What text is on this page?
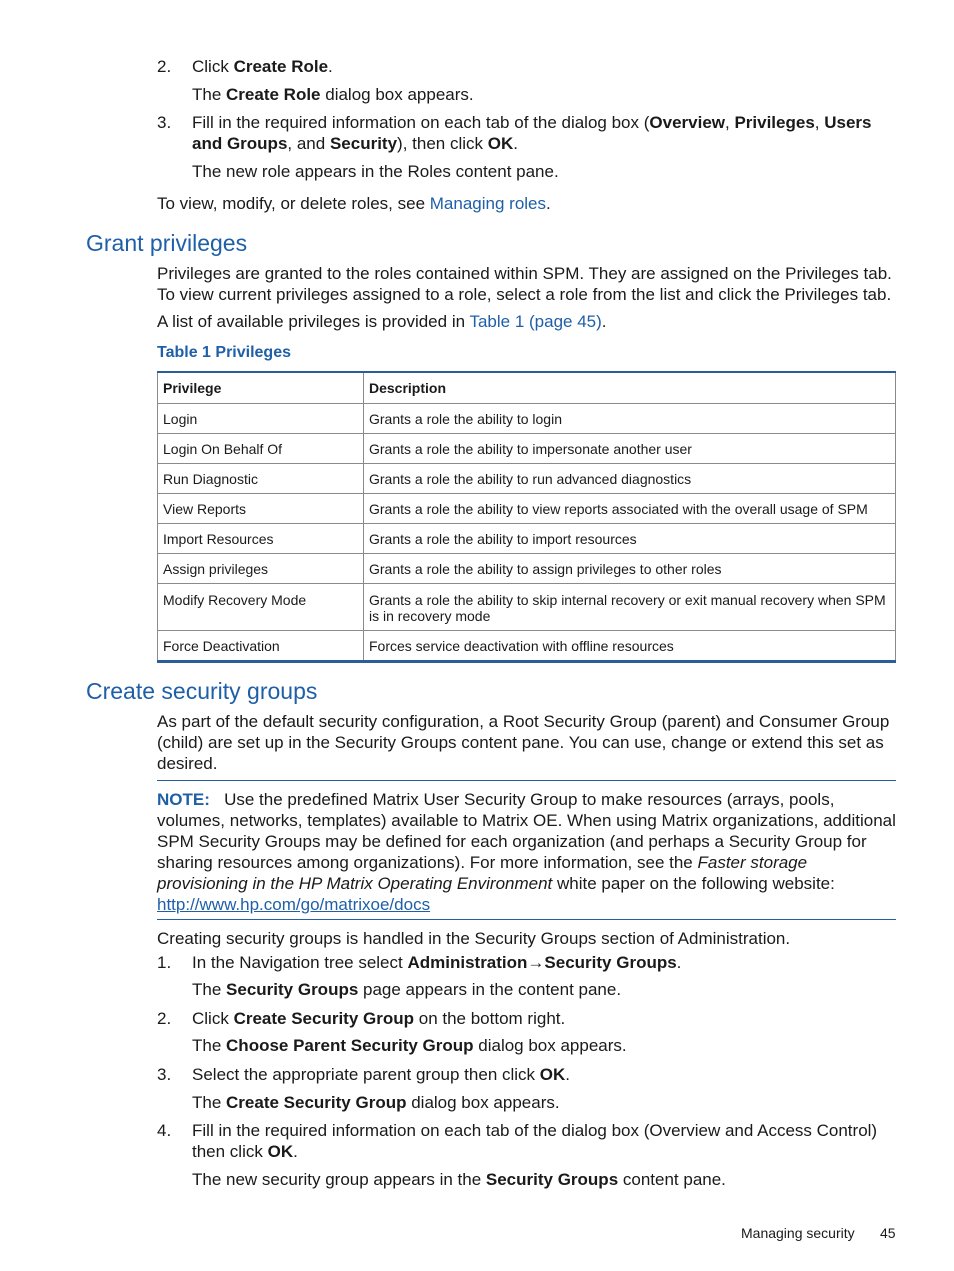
2.	Click Create Role.
The Create Role dialog box appears.
3.	Fill in the required information on each tab of the dialog box (Overview, Privileges, Users and Groups, and Security), then click OK.
The new role appears in the Roles content pane.
To view, modify, or delete roles, see Managing roles.
Grant privileges
Privileges are granted to the roles contained within SPM. They are assigned on the Privileges tab. To view current privileges assigned to a role, select a role from the list and click the Privileges tab.
A list of available privileges is provided in Table 1 (page 45).
Table 1 Privileges
Privilege	Description
Login	Grants a role the ability to login
Login On Behalf Of	Grants a role the ability to impersonate another user
Run Diagnostic	Grants a role the ability to run advanced diagnostics
View Reports	Grants a role the ability to view reports associated with the overall usage of SPM
Import Resources	Grants a role the ability to import resources
Assign privileges	Grants a role the ability to assign privileges to other roles
Modify Recovery Mode	Grants a role the ability to skip internal recovery or exit manual recovery when SPM is in recovery mode
Force Deactivation	Forces service deactivation with offline resources
Create security groups
As part of the default security configuration, a Root Security Group (parent) and Consumer Group (child) are set up in the Security Groups content pane. You can use, change or extend this set as desired.
NOTE: Use the predefined Matrix User Security Group to make resources (arrays, pools, volumes, networks, templates) available to Matrix OE. When using Matrix organizations, additional SPM Security Groups may be defined for each organization (and perhaps a Security Group for sharing resources among organizations). For more information, see the Faster storage provisioning in the HP Matrix Operating Environment white paper on the following website: http://www.hp.com/go/matrixoe/docs
Creating security groups is handled in the Security Groups section of Administration.
1.	In the Navigation tree select Administration→Security Groups.
The Security Groups page appears in the content pane.
2.	Click Create Security Group on the bottom right.
The Choose Parent Security Group dialog box appears.
3.	Select the appropriate parent group then click OK.
The Create Security Group dialog box appears.
4.	Fill in the required information on each tab of the dialog box (Overview and Access Control) then click OK.
The new security group appears in the Security Groups content pane.
Managing security 45
